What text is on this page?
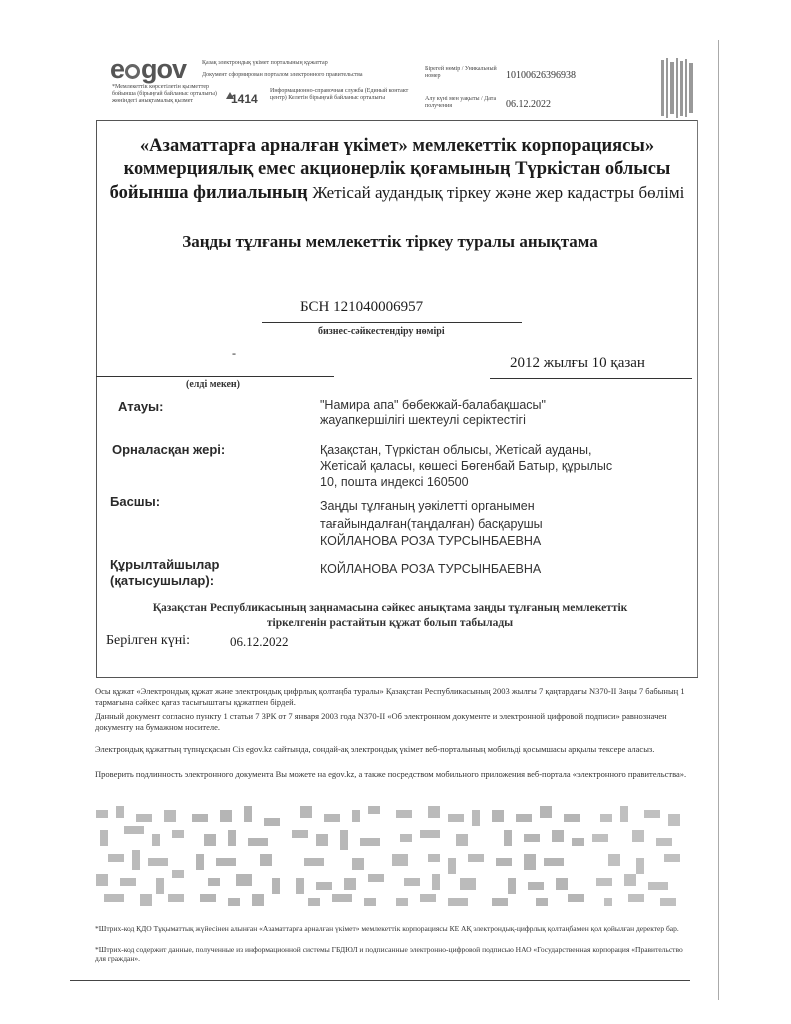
e gov	Қазақ электрондық үкімет порталының құжаттар
Документ сформирован порталом электронного правительства
*Мемлекеттік көрсетілетін қызметтер бойынша (бірыңғай байланыс орталығы) жөніндегі анықтамалық қызмет	1414
Информационно-справочная служба (Единый контакт центр) Келетін бірыңғай байланыс орталығы
Бірегей нөмір / Уникальный номер	10100626396938
Алу күні мен уақыты / Дата получения	06.12.2022
«Азаматтарға арналған үкімет» мемлекеттік корпорациясы» коммерциялық емес акционерлік қоғамының Түркістан облысы бойынша филиалының Жетісай аудандық тіркеу және жер кадастры бөлімі
Заңды тұлғаны мемлекеттік тіркеу туралы анықтама
БСН 121040006957
бизнес-сәйкестендіру нөмірі
-
2012 жылғы 10 қазан
(елді мекен)
Атауы:	"Намира апа" бөбекжай-балабақшасы"
жауапкершілігі шектеулі серіктестігі
Орналасқан жері:	Қазақстан, Түркістан облысы, Жетісай ауданы,
Жетісай қаласы, көшесі Бөгенбай Батыр, құрылыс
10, пошта индексі 160500
Басшы:	Заңды тұлғаның уәкілетті органымен
тағайындалған(таңдалған) басқарушы
КОЙЛАНОВА РОЗА ТУРСЫНБАЕВНА
Құрылтайшылар
(қатысушылар):
КОЙЛАНОВА РОЗА ТУРСЫНБАЕВНА
Қазақстан Республикасының заңнамасына сәйкес анықтама заңды тұлғаның мемлекеттік
тіркелгенін растайтын құжат болып табылады
Берілген күні:	06.12.2022
Осы құжат «Электрондық құжат және электрондық цифрлық қолтаңба туралы» Қазақстан Республикасының 2003 жылғы 7 қаңтардағы N370-II Заңы 7 бабының 1 тармағына сәйкес қағаз тасығыштағы құжатпен бірдей.
Данный документ согласно пункту 1 статьи 7 ЗРК от 7 января 2003 года N370-II «Об электронном документе и электронной цифровой подписи» равнозначен документу на бумажном носителе.
Электрондық құжаттың түпнұсқасын Сіз egov.kz сайтында, сондай-ақ электрондық үкімет веб-порталының мобильді қосымшасы арқылы тексере аласыз.
Проверить подлинность электронного документа Вы можете на egov.kz, а также посредством мобильного приложения веб-портала «электронного правительства».
*Штрих-код ҚДО Тұқыматтық жүйесінен алынған «Азаматтарға арналған үкімет» мемлекеттік корпорациясы КЕ АҚ электрондық-цифрлық қолтаңбамен қол қойылған деректер бар.
*Штрих-код содержит данные, полученные из информационной системы ГБДЮЛ и подписанные электронно-цифровой подписью НАО «Государственная корпорация «Правительство для граждан».
